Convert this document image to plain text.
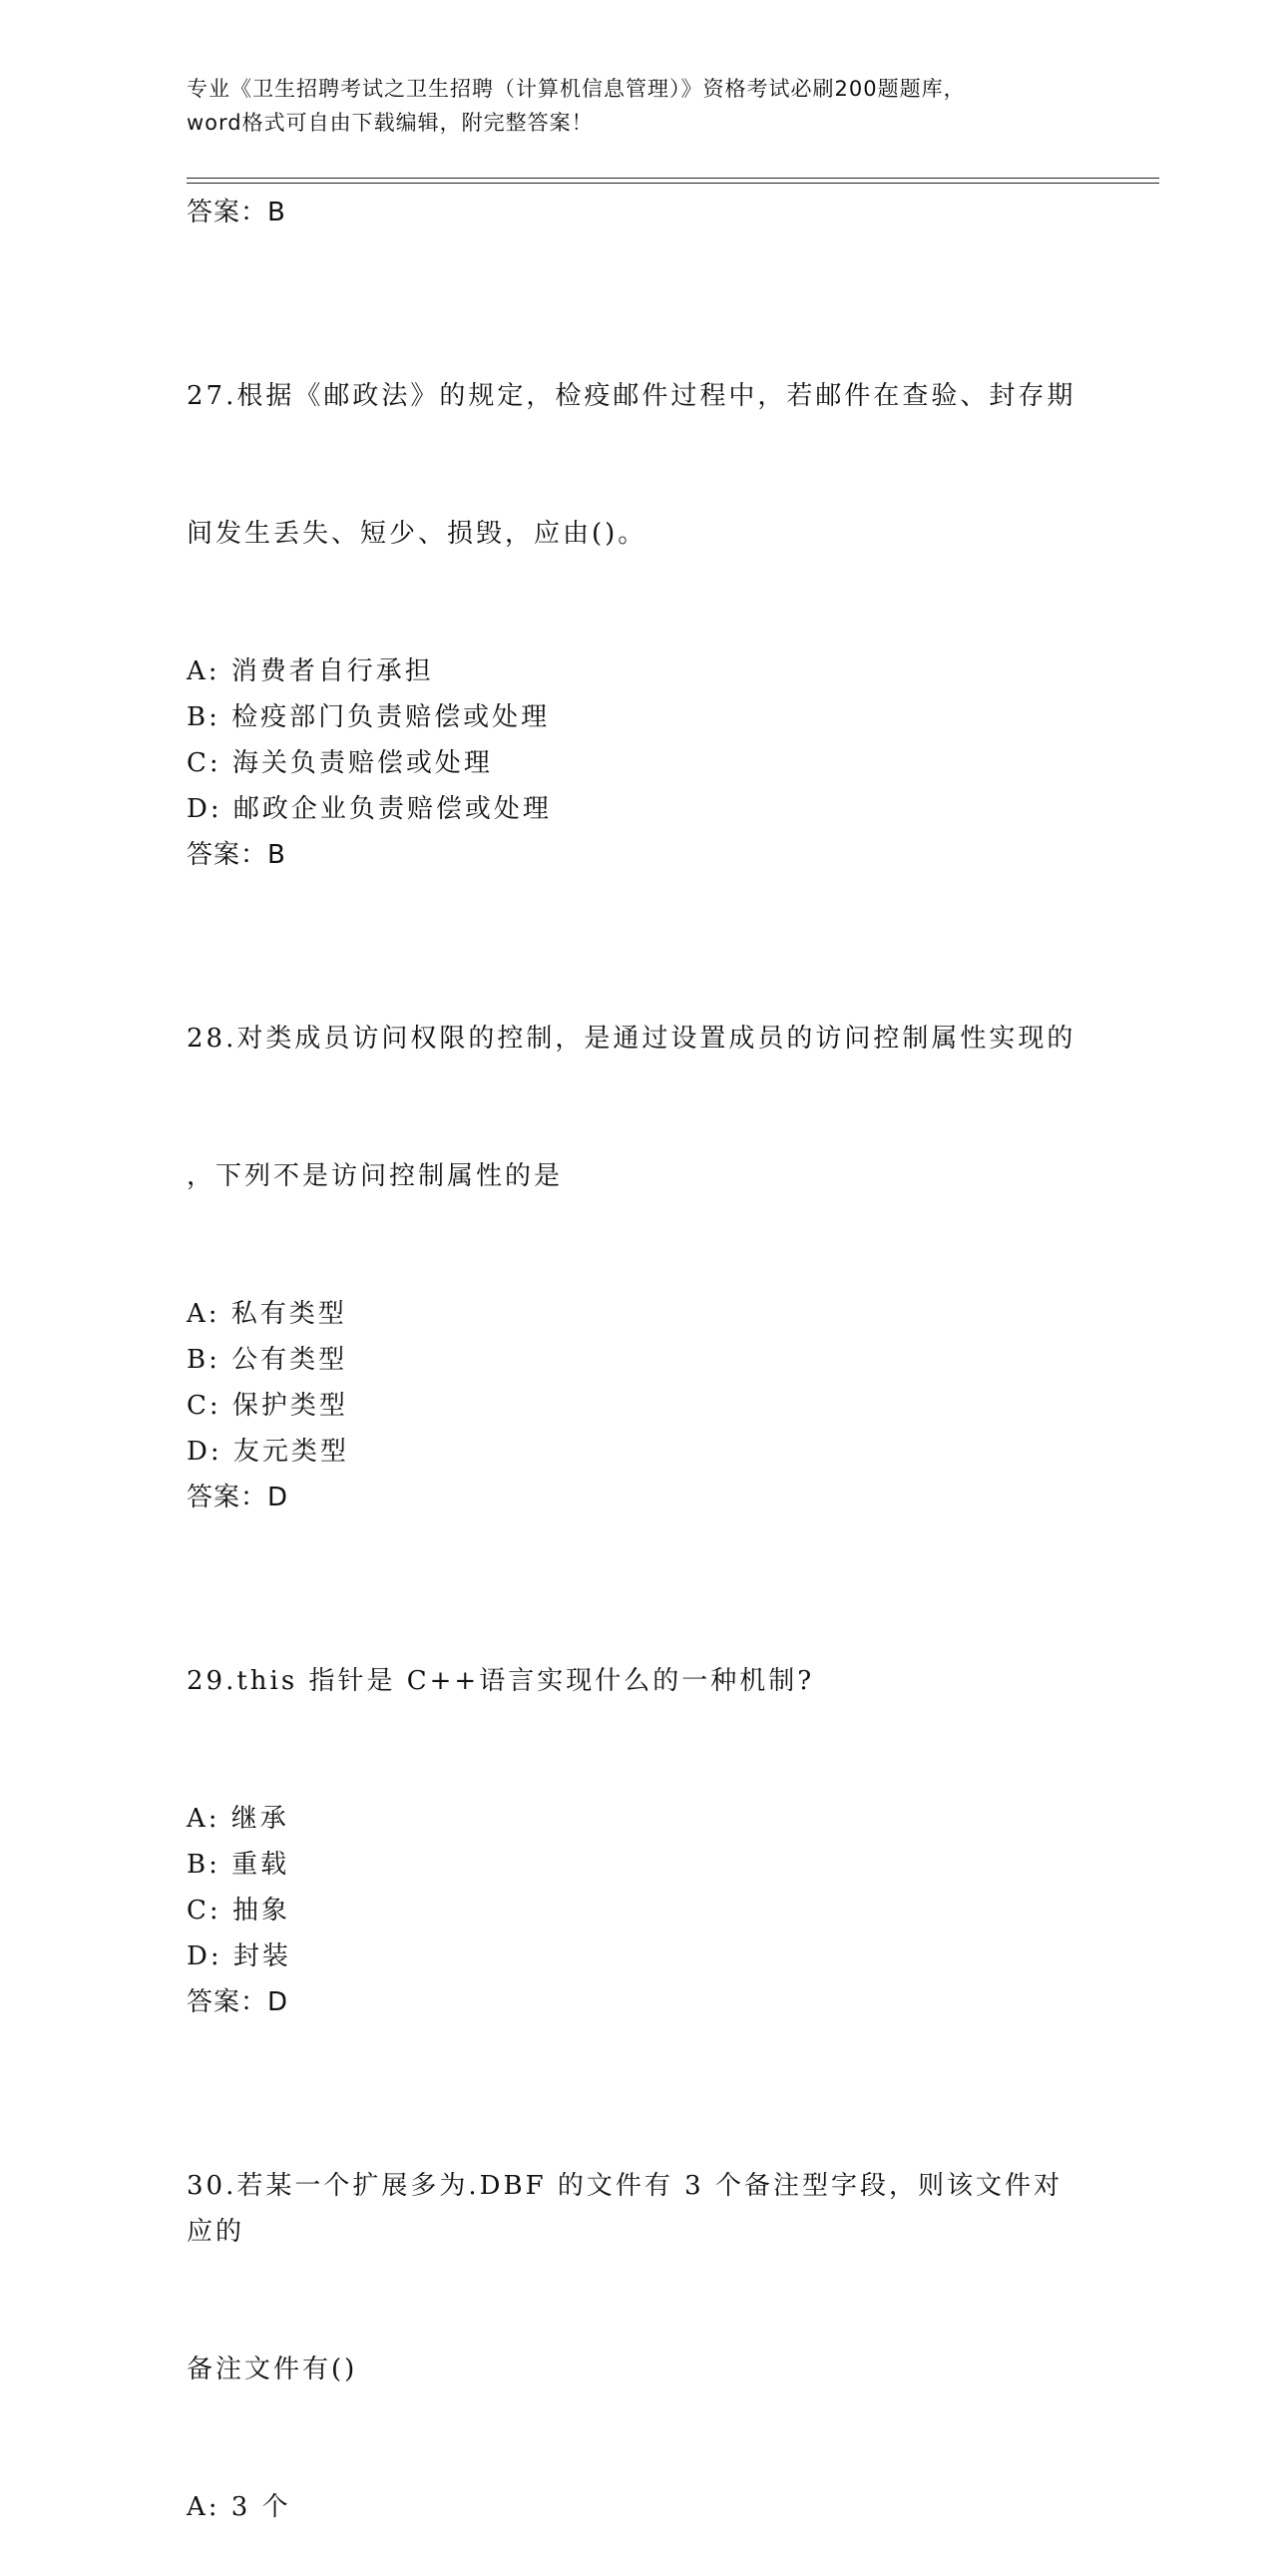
专业《卫生招聘考试之卫生招聘（计算机信息管理）》资格考试必刷200题题库，
word格式可自由下载编辑，附完整答案！
答案：B

27.根据《邮政法》的规定，检疫邮件过程中，若邮件在查验、封存期

间发生丢失、短少、损毁，应由()。

A: 消费者自行承担
B: 检疫部门负责赔偿或处理
C: 海关负责赔偿或处理
D: 邮政企业负责赔偿或处理
答案：B

28.对类成员访问权限的控制，是通过设置成员的访问控制属性实现的

，下列不是访问控制属性的是

A: 私有类型
B: 公有类型
C: 保护类型
D: 友元类型
答案：D

29.this 指针是 C++语言实现什么的一种机制?

A: 继承
B: 重载
C: 抽象
D: 封装
答案：D

30.若某一个扩展多为.DBF 的文件有 3 个备注型字段，则该文件对应的

备注文件有()

A: 3 个
